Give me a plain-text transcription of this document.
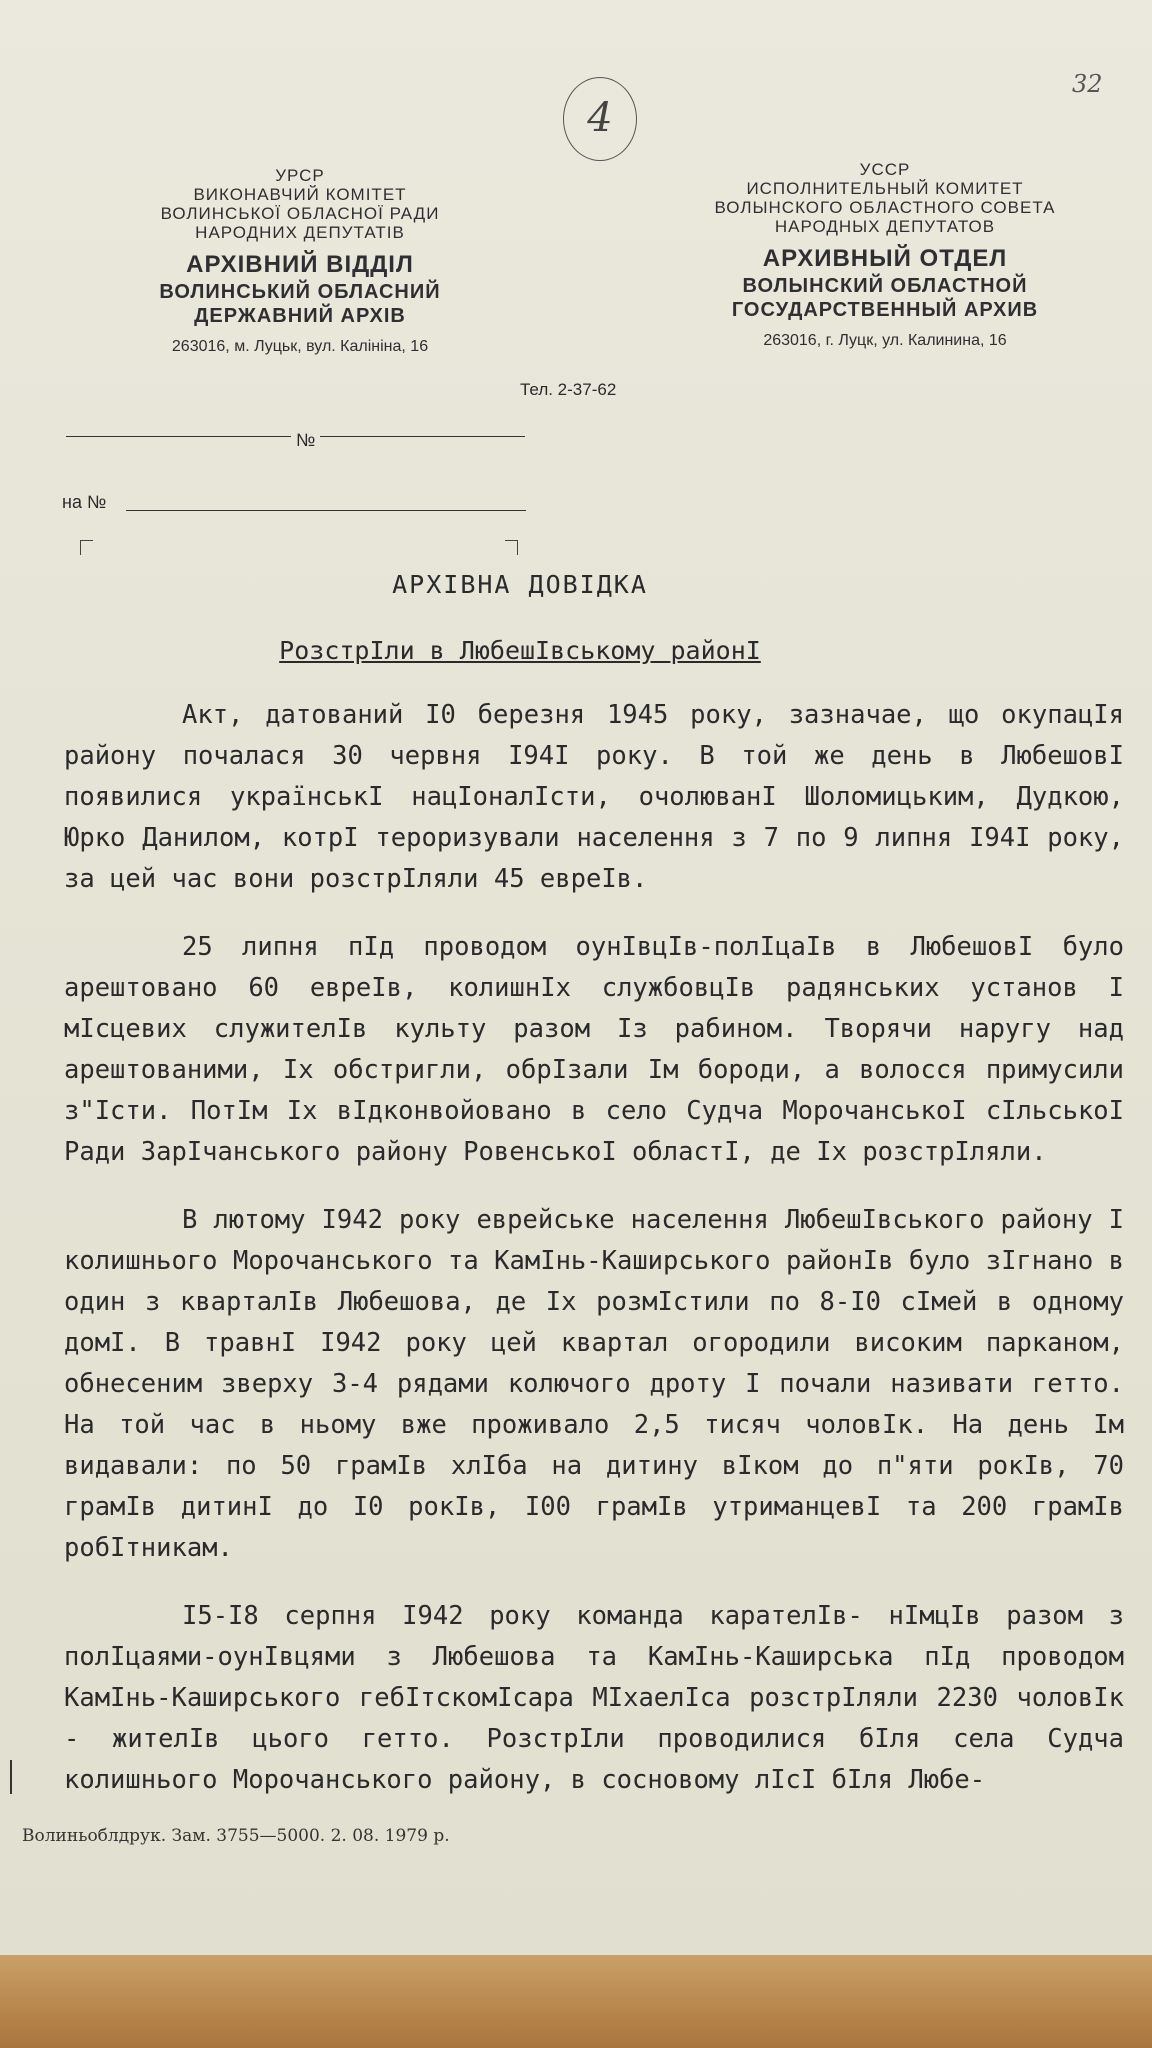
4
32
УРСР
ВИКОНАВЧИЙ КОМІТЕТ
ВОЛИНСЬКОЇ ОБЛАСНОЇ РАДИ
НАРОДНИХ ДЕПУТАТІВ
АРХІВНИЙ ВІДДІЛ
ВОЛИНСЬКИЙ ОБЛАСНИЙ
ДЕРЖАВНИЙ АРХІВ
263016, м. Луцьк, вул. Калініна, 16
УССР
ИСПОЛНИТЕЛЬНЫЙ КОМИТЕТ
ВОЛЫНСКОГО ОБЛАСТНОГО СОВЕТА
НАРОДНЫХ ДЕПУТАТОВ
АРХИВНЫЙ ОТДЕЛ
ВОЛЫНСКИЙ ОБЛАСТНОЙ
ГОСУДАРСТВЕННЫЙ АРХИВ
263016, г. Луцк, ул. Калинина, 16
Тел. 2-37-62
№
на №
АРХІВНА ДОВІДКА
РозстрІли в ЛюбешІвському районІ

Акт, датований I0 березня 1945 року, зазначае, що окупацІя району почалася 30 червня I94I року. В той же день в ЛюбешовІ появилися українськІ нацІоналІсти, очолюванІ Шоломицьким, Дудкою, Юрко Данилом, котрІ тероризували населення з 7 по 9 липня I94I року, за цей час вони розстрІляли 45 евреІв.

25 липня пІд проводом оунІвцІв-полІцаІв в ЛюбешовІ було арештовано 60 евреІв, колишнІх службовцІв радянських установ І мІсцевих служителІв культу разом Із рабином. Творячи наругу над арештованими, Іх обстригли, обрІзали Ім бороди, а волосся примусили з"Істи. ПотІм Іх вІдконвойовано в село Судча МорочанськоІ сІльськоІ Ради ЗарІчанського району РовенськоІ областІ, де Іх розстрІляли.

В лютому I942 року еврейське населення ЛюбешІвського району І колишнього Морочанського та КамІнь-Каширського районІв було зІгнано в один з кварталІв Любешова, де Іх розмІстили по 8-I0 сІмей в одному домІ. В травнІ I942 року цей квартал огородили високим парканом, обнесеним зверху 3-4 рядами колючого дроту І почали називати гетто. На той час в ньому вже проживало 2,5 тисяч чоловІк. На день Ім видавали: по 50 грамІв хлІба на дитину вІком до п"яти рокІв, 70 грамІв дитинІ до I0 рокІв, I00 грамІв утриманцевІ та 200 грамІв робІтникам.

I5-I8 серпня I942 року команда карателІв- нІмцІв разом з полІцаями-оунІвцями з Любешова та КамІнь-Каширська пІд проводом КамІнь-Каширського гебІтскомІсара МІхаелІса розстрІляли 2230 чоловІк - жителІв цього гетто. РозстрІли проводилися бІля села Судча колишнього Морочанського району, в сосновому лІсІ бІля Любе-

Волиньоблдрук. Зам. 3755—5000. 2. 08. 1979 р.
